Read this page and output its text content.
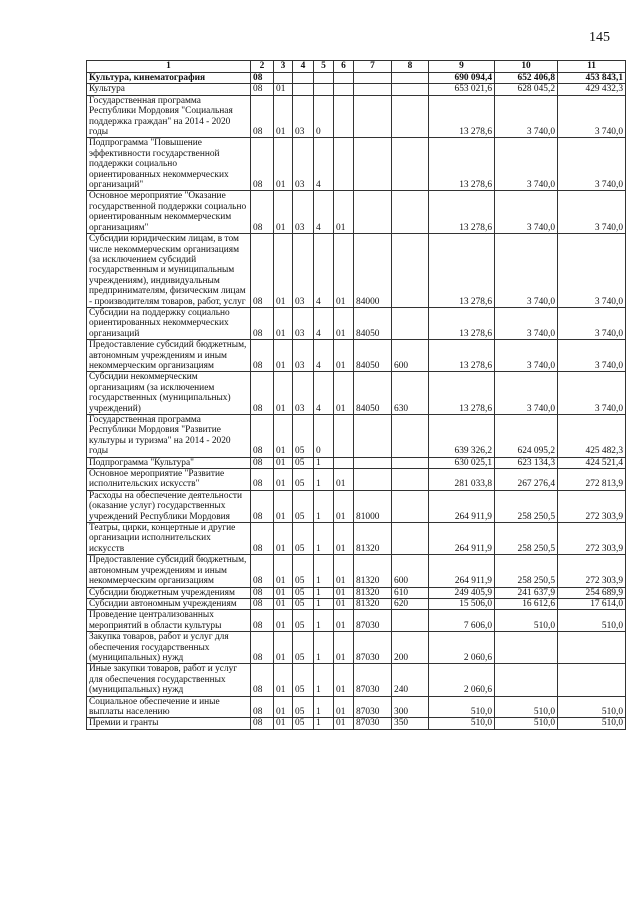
145
1	2	3	4	5	6	7	8	9	10	11
Культура, кинематография	08							690 094,4	652 406,8	453 843,1
Культура	08	01						653 021,6	628 045,2	429 432,3
Государственная программа Республики Мордовия "Социальная поддержка граждан" на 2014 - 2020 годы	08	01	03	0				13 278,6	3 740,0	3 740,0
Подпрограмма "Повышение эффективности государственной поддержки социально ориентированных некоммерческих организаций"	08	01	03	4				13 278,6	3 740,0	3 740,0
Основное мероприятие "Оказание государственной поддержки социально ориентированным некоммерческим организациям"	08	01	03	4	01			13 278,6	3 740,0	3 740,0
Субсидии юридическим лицам, в том числе некоммерческим организациям (за исключением субсидий государственным и муниципальным учреждениям), индивидуальным предпринимателям, физическим лицам - производителям товаров, работ, услуг	08	01	03	4	01	84000		13 278,6	3 740,0	3 740,0
Субсидии на поддержку социально ориентированных некоммерческих организаций	08	01	03	4	01	84050		13 278,6	3 740,0	3 740,0
Предоставление субсидий бюджетным, автономным учреждениям и иным некоммерческим организациям	08	01	03	4	01	84050	600	13 278,6	3 740,0	3 740,0
Субсидии некоммерческим организациям (за исключением государственных (муниципальных) учреждений)	08	01	03	4	01	84050	630	13 278,6	3 740,0	3 740,0
Государственная программа Республики Мордовия "Развитие культуры и туризма" на 2014 - 2020 годы	08	01	05	0				639 326,2	624 095,2	425 482,3
Подпрограмма "Культура"	08	01	05	1				630 025,1	623 134,3	424 521,4
Основное мероприятие "Развитие исполнительских искусств"	08	01	05	1	01			281 033,8	267 276,4	272 813,9
Расходы на обеспечение деятельности (оказание услуг) государственных учреждений Республики Мордовия	08	01	05	1	01	81000		264 911,9	258 250,5	272 303,9
Театры, цирки, концертные и другие организации исполнительских искусств	08	01	05	1	01	81320		264 911,9	258 250,5	272 303,9
Предоставление субсидий бюджетным, автономным учреждениям и иным некоммерческим организациям	08	01	05	1	01	81320	600	264 911,9	258 250,5	272 303,9
Субсидии бюджетным учреждениям	08	01	05	1	01	81320	610	249 405,9	241 637,9	254 689,9
Субсидии автономным учреждениям	08	01	05	1	01	81320	620	15 506,0	16 612,6	17 614,0
Проведение централизованных мероприятий в области культуры	08	01	05	1	01	87030		7 606,0	510,0	510,0
Закупка товаров, работ и услуг для обеспечения государственных (муниципальных) нужд	08	01	05	1	01	87030	200	2 060,6		
Иные закупки товаров, работ и услуг для обеспечения государственных (муниципальных) нужд	08	01	05	1	01	87030	240	2 060,6		
Социальное обеспечение и иные выплаты населению	08	01	05	1	01	87030	300	510,0	510,0	510,0
Премии и гранты	08	01	05	1	01	87030	350	510,0	510,0	510,0
